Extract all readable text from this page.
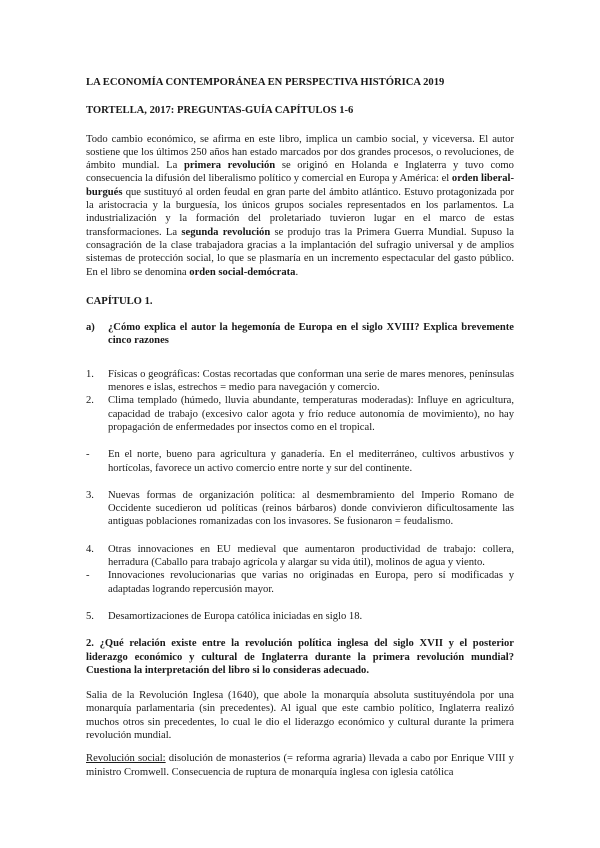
LA ECONOMÍA CONTEMPORÁNEA EN PERSPECTIVA HISTÓRICA 2019
TORTELLA, 2017: PREGUNTAS-GUÍA CAPÍTULOS 1-6

Todo cambio económico, se afirma en este libro, implica un cambio social, y viceversa. El autor sostiene que los últimos 250 años han estado marcados por dos grandes procesos, o revoluciones, de ámbito mundial. La primera revolución se originó en Holanda e Inglaterra y tuvo como consecuencia la difusión del liberalismo político y comercial en Europa y América: el orden liberal-burgués que sustituyó al orden feudal en gran parte del ámbito atlántico. Estuvo protagonizada por la aristocracia y la burguesía, los únicos grupos sociales representados en los parlamentos. La industrialización y la formación del proletariado tuvieron lugar en el marco de estas transformaciones. La segunda revolución se produjo tras la Primera Guerra Mundial. Supuso la consagración de la clase trabajadora gracias a la implantación del sufragio universal y de amplios sistemas de protección social, lo que se plasmaría en un incremento espectacular del gasto público. En el libro se denomina orden social-demócrata.

CAPÍTULO 1.
a)	¿Cómo explica el autor la hegemonía de Europa en el siglo XVIII? Explica brevemente cinco razones
1.	Físicas o geográficas: Costas recortadas que conforman una serie de mares menores, penínsulas menores e islas, estrechos = medio para navegación y comercio.
2.	Clima templado (húmedo, lluvia abundante, temperaturas moderadas): Influye en agricultura, capacidad de trabajo (excesivo calor agota y frío reduce autonomía de movimiento), no hay propagación de enfermedades por insectos como en el tropical.
-	En el norte, bueno para agricultura y ganadería. En el mediterráneo, cultivos arbustivos y hortícolas, favorece un activo comercio entre norte y sur del continente.
3.	Nuevas formas de organización política: al desmembramiento del Imperio Romano de Occidente sucedieron ud políticas (reinos bárbaros) donde convivieron dificultosamente las antiguas poblaciones romanizadas con los invasores. Se fusionaron = feudalismo.
4.	Otras innovaciones en EU medieval que aumentaron productividad de trabajo: collera, herradura (Caballo para trabajo agrícola y alargar su vida útil), molinos de agua y viento.
-	Innovaciones revolucionarias que varias no originadas en Europa, pero sí modificadas y adaptadas logrando repercusión mayor.
5.	Desamortizaciones de Europa católica iniciadas en siglo 18.

2. ¿Qué relación existe entre la revolución política inglesa del siglo XVII y el posterior liderazgo económico y cultural de Inglaterra durante la primera revolución mundial? Cuestiona la interpretación del libro si lo consideras adecuado.

Salia de la Revolución Inglesa (1640), que abole la monarquía absoluta sustituyéndola por una monarquía parlamentaria (sin precedentes). Al igual que este cambio político, Inglaterra realizó muchos otros sin precedentes, lo cual le dio el liderazgo económico y cultural durante la primera revolución mundial.

Revolución social: disolución de monasterios (= reforma agraria) llevada a cabo por Enrique VIII y ministro Cromwell. Consecuencia de ruptura de monarquía inglesa con iglesia católica
